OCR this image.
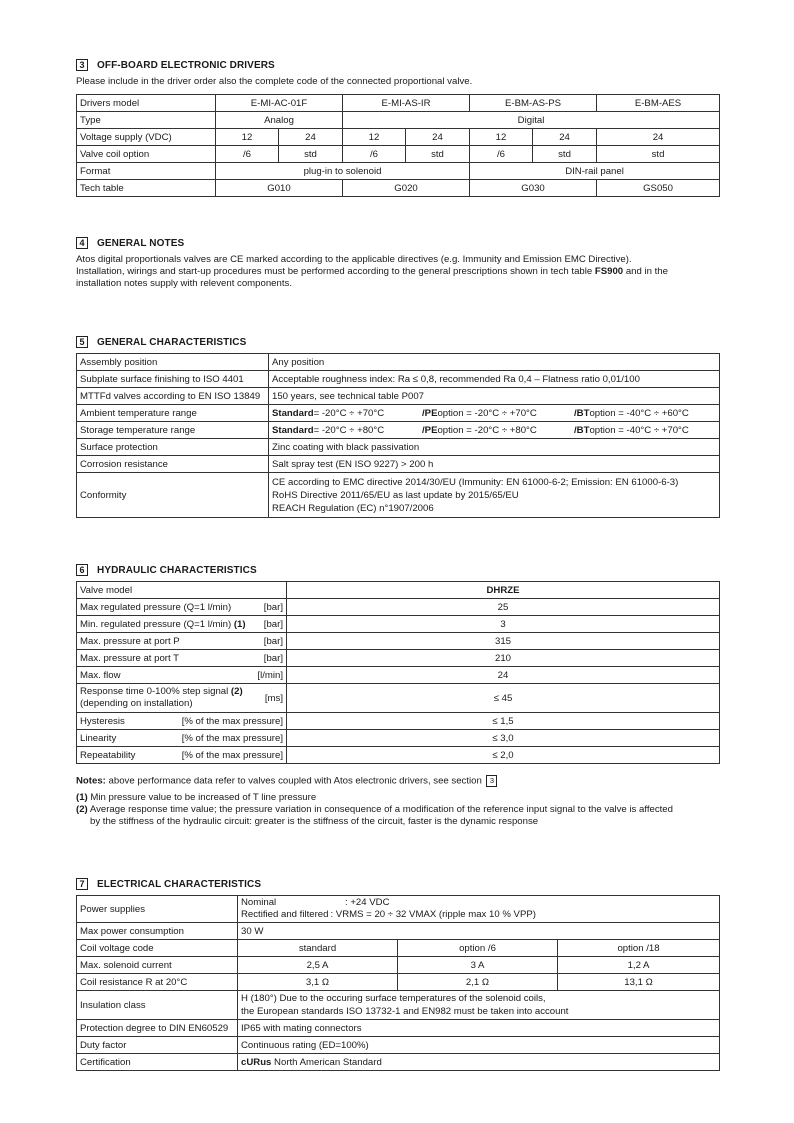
3	OFF-BOARD ELECTRONIC DRIVERS
Please include in the driver order also the complete code of the connected proportional valve.
Drivers model	E-MI-AC-01F		E-MI-AS-IR		E-BM-AS-PS		E-BM-AES
Type	Analog		Digital				
Voltage supply (VDC)	12	24	12	24	12	24	24
Valve coil option	/6	std	/6	std	/6	std	std
Format	plug-in to solenoid				DIN-rail panel		
Tech table	G010		G020		G030		GS050
4	GENERAL NOTES
Atos digital proportionals valves are CE marked according to the applicable directives (e.g. Immunity and Emission EMC Directive).
Installation, wirings and start-up procedures must be performed according to the general prescriptions shown in tech table FS900 and in the
installation notes supply with relevent components.
5	GENERAL CHARACTERISTICS
Assembly position	Any position
Subplate surface finishing to ISO 4401	Acceptable roughness index: Ra ≤ 0,8, recommended Ra 0,4 – Flatness ratio 0,01/100
MTTFd valves according to EN ISO 13849	150 years, see technical table P007
Ambient temperature range	Standard= -20°C ÷ +70°C /PEoption = -20°C ÷ +70°C /BToption = -40°C ÷ +60°C

Storage temperature range	Standard= -20°C ÷ +80°C /PEoption = -20°C ÷ +80°C /BToption = -40°C ÷ +70°C

Surface protection	Zinc coating with black passivation
Corrosion resistance	Salt spray test (EN ISO 9227) > 200 h
Conformity	CE according to EMC directive 2014/30/EU (Immunity: EN 61000-6-2; Emission: EN 61000-6-3)
RoHS Directive 2011/65/EU as last update by 2015/65/EU
REACH Regulation (EC) n°1907/2006
6	HYDRAULIC CHARACTERISTICS
Valve model	DHRZE

Max regulated pressure (Q=1 l/min) [bar]	25

Min. regulated pressure (Q=1 l/min) (1) [bar]	3

Max. pressure at port P [bar]	315

Max. pressure at port T [bar]	210

Max. flow [l/min]	24

Response time 0-100% step signal (2)
(depending on installation) [ms]	≤ 45

Hysteresis [% of the max pressure]	≤ 1,5

Linearity [% of the max pressure]	≤ 3,0

Repeatability [% of the max pressure]	≤ 2,0
Notes: above performance data refer to valves coupled with Atos electronic drivers, see section 3
(1) Min pressure value to be increased of T line pressure
(2) Average response time value; the pressure variation in consequence of a modification of the reference input signal to the valve is affected
by the stiffness of the hydraulic circuit: greater is the stiffness of the circuit, faster is the dynamic response
7	ELECTRICAL CHARACTERISTICS
Power supplies	Nominal : +24 VDC
Rectified and filtered : VRMS = 20 ÷ 32 VMAX (ripple max 10 % VPP)		

Max power consumption	30 W		
Coil voltage code	standard	option /6	option /18
Max. solenoid current	2,5 A	3 A	1,2 A
Coil resistance R at 20°C	3,1 Ω	2,1 Ω	13,1 Ω
Insulation class	H (180°) Due to the occuring surface temperatures of the solenoid coils,
the European standards ISO 13732-1 and EN982 must be taken into account		

Protection degree to DIN EN60529	IP65 with mating connectors		
Duty factor	Continuous rating (ED=100%)		
Certification	cURus North American Standard		
